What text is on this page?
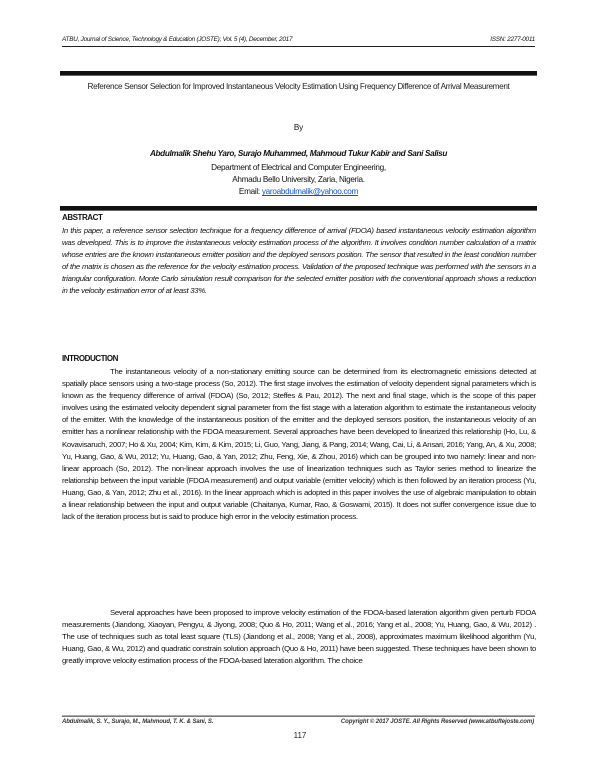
ATBU, Journal of Science, Technology & Education (JOSTE); Vol. 5 (4), December, 2017	ISSN: 2277-0011
Reference Sensor Selection for Improved Instantaneous Velocity Estimation Using Frequency Difference of Arrival Measurement
By
Abdulmalik Shehu Yaro, Surajo Muhammed, Mahmoud Tukur Kabir and Sani Salisu
Department of Electrical and Computer Engineering,
Ahmadu Bello University, Zaria, Nigeria.
Email: yaroabdulmalik@yahoo.com
ABSTRACT
In this paper, a reference sensor selection technique for a frequency difference of arrival (FDOA) based instantaneous velocity estimation algorithm was developed. This is to improve the instantaneous velocity estimation process of the algorithm. It involves condition number calculation of a matrix whose entries are the known instantaneous emitter position and the deployed sensors position. The sensor that resulted in the least condition number of the matrix is chosen as the reference for the velocity estimation process. Validation of the proposed technique was performed with the sensors in a triangular configuration. Monte Carlo simulation result comparison for the selected emitter position with the conventional approach shows a reduction in the velocity estimation error of at least 33%.
INTRODUCTION

The instantaneous velocity of a non-stationary emitting source can be determined from its electromagnetic emissions detected at spatially place sensors using a two-stage process (So, 2012). The first stage involves the estimation of velocity dependent signal parameters which is known as the frequency difference of arrival (FDOA) (So, 2012; Steffes & Pau, 2012). The next and final stage, which is the scope of this paper involves using the estimated velocity dependent signal parameter from the fist stage with a lateration algorithm to estimate the instantaneous velocity of the emitter. With the knowledge of the instantaneous position of the emitter and the deployed sensors position, the instantaneous velocity of an emitter has a nonlinear relationship with the FDOA measurement. Several approaches have been developed to linearized this relationship (Ho, Lu, & Kovavisaruch, 2007; Ho & Xu, 2004; Kim, Kim, & Kim, 2015; Li, Guo, Yang, Jiang, & Pang, 2014; Wang, Cai, Li, & Ansari, 2016; Yang, An, & Xu, 2008; Yu, Huang, Gao, & Wu, 2012; Yu, Huang, Gao, & Yan, 2012; Zhu, Feng, Xie, & Zhou, 2016) which can be grouped into two namely: linear and non-linear approach (So, 2012). The non-linear approach involves the use of linearization techniques such as Taylor series method to linearize the relationship between the input variable (FDOA measurement) and output variable (emitter velocity) which is then followed by an iteration process (Yu, Huang, Gao, & Yan, 2012; Zhu et al., 2016). In the linear approach which is adopted in this paper involves the use of algebraic manipulation to obtain a linear relationship between the input and output variable (Chaitanya, Kumar, Rao, & Goswami, 2015). It does not suffer convergence issue due to lack of the iteration process but is said to produce high error in the velocity estimation process.

Several approaches have been proposed to improve velocity estimation of the FDOA-based lateration algorithm given perturb FDOA measurements (Jiandong, Xiaoyan, Pengyu, & Jiyong, 2008; Quo & Ho, 2011; Wang et al., 2016; Yang et al., 2008; Yu, Huang, Gao, & Wu, 2012) . The use of techniques such as total least square (TLS) (Jiandong et al., 2008; Yang et al., 2008), approximates maximum likelihood algorithm (Yu, Huang, Gao, & Wu, 2012) and quadratic constrain solution approach (Quo & Ho, 2011) have been suggested. These techniques have been shown to greatly improve velocity estimation process of the FDOA-based lateration algorithm. The choice

Abdulmalik, S. Y., Surajo, M., Mahmoud, T. K. & Sani, S.	Copyright © 2017 JOSTE. All Rights Reserved (www.atbuftejoste.com)
117
